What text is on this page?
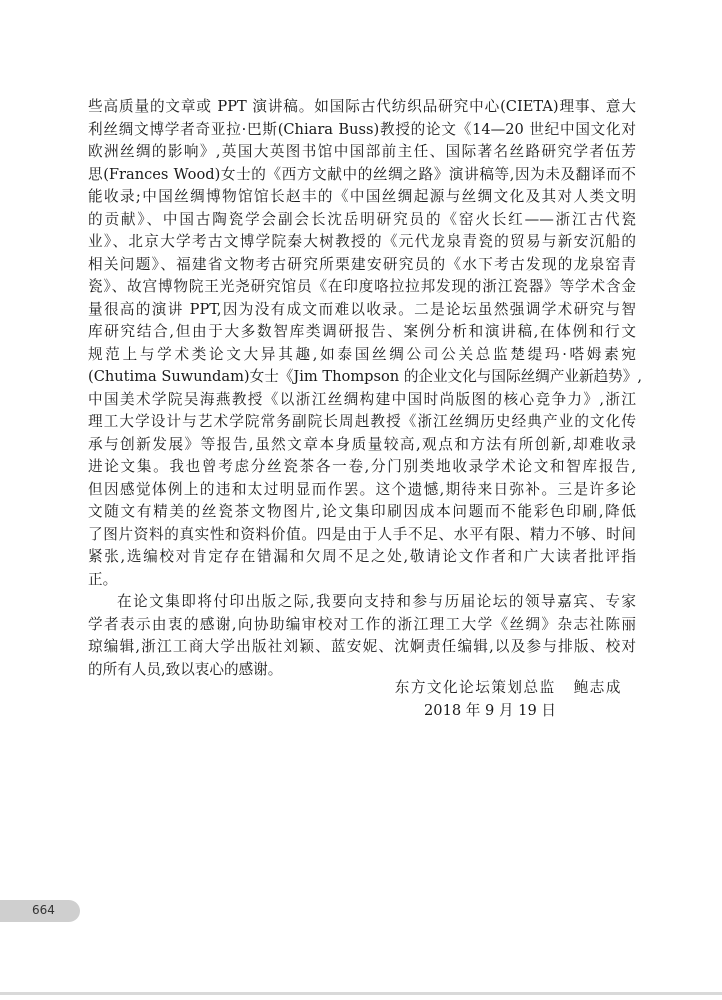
些高质量的文章或 PPT 演讲稿。如国际古代纺织品研究中心(CIETA)理事、意大
利丝绸文博学者奇亚拉·巴斯(Chiara Buss)教授的论文《14—20 世纪中国文化对
欧洲丝绸的影响》,英国大英图书馆中国部前主任、国际著名丝路研究学者伍芳
思(Frances Wood)女士的《西方文献中的丝绸之路》演讲稿等,因为未及翻译而不
能收录;中国丝绸博物馆馆长赵丰的《中国丝绸起源与丝绸文化及其对人类文明
的贡献》、中国古陶瓷学会副会长沈岳明研究员的《窑火长红——浙江古代瓷
业》、北京大学考古文博学院秦大树教授的《元代龙泉青瓷的贸易与新安沉船的
相关问题》、福建省文物考古研究所栗建安研究员的《水下考古发现的龙泉窑青
瓷》、故宫博物院王光尧研究馆员《在印度咯拉拉邦发现的浙江瓷器》等学术含金
量很高的演讲 PPT,因为没有成文而难以收录。二是论坛虽然强调学术研究与智
库研究结合,但由于大多数智库类调研报告、案例分析和演讲稿,在体例和行文
规范上与学术类论文大异其趣,如泰国丝绸公司公关总监楚缇玛·嗒姆素宛
(Chutima Suwundam)女士《Jim Thompson 的企业文化与国际丝绸产业新趋势》,
中国美术学院吴海燕教授《以浙江丝绸构建中国时尚版图的核心竞争力》,浙江
理工大学设计与艺术学院常务副院长周赳教授《浙江丝绸历史经典产业的文化传
承与创新发展》等报告,虽然文章本身质量较高,观点和方法有所创新,却难收录
进论文集。我也曾考虑分丝瓷茶各一卷,分门别类地收录学术论文和智库报告,
但因感觉体例上的违和太过明显而作罢。这个遗憾,期待来日弥补。三是许多论
文随文有精美的丝瓷茶文物图片,论文集印刷因成本问题而不能彩色印刷,降低
了图片资料的真实性和资料价值。四是由于人手不足、水平有限、精力不够、时间
紧张,选编校对肯定存在错漏和欠周不足之处,敬请论文作者和广大读者批评指
正。
在论文集即将付印出版之际,我要向支持和参与历届论坛的领导嘉宾、专家
学者表示由衷的感谢,向协助编审校对工作的浙江理工大学《丝绸》杂志社陈丽
琼编辑,浙江工商大学出版社刘颖、蓝安妮、沈婀责任编辑,以及参与排版、校对
的所有人员,致以衷心的感谢。
东方文化论坛策划总监 鲍志成
2018 年 9 月 19 日
664
